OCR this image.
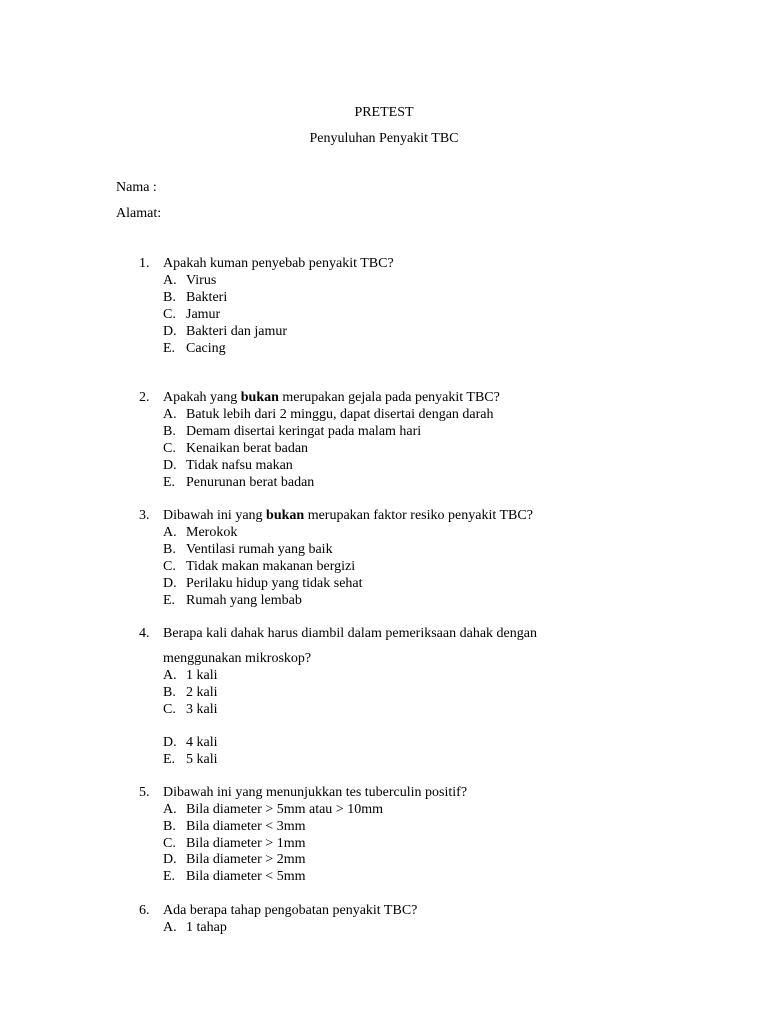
PRETEST
Penyuluhan Penyakit TBC
Nama :
Alamat:
1. Apakah kuman penyebab penyakit TBC?
A. Virus
B. Bakteri
C. Jamur
D. Bakteri dan jamur
E. Cacing
2. Apakah yang bukan merupakan gejala pada penyakit TBC?
A. Batuk lebih dari 2 minggu, dapat disertai dengan darah
B. Demam disertai keringat pada malam hari
C. Kenaikan berat badan
D. Tidak nafsu makan
E. Penurunan berat badan
3. Dibawah ini yang bukan merupakan faktor resiko penyakit TBC?
A. Merokok
B. Ventilasi rumah yang baik
C. Tidak makan makanan bergizi
D. Perilaku hidup yang tidak sehat
E. Rumah yang lembab
4. Berapa kali dahak harus diambil dalam pemeriksaan dahak dengan
menggunakan mikroskop?
A. 1 kali
B. 2 kali
C. 3 kali
D. 4 kali
E. 5 kali
5. Dibawah ini yang menunjukkan tes tuberculin positif?
A. Bila diameter > 5mm atau > 10mm
B. Bila diameter < 3mm
C. Bila diameter > 1mm
D. Bila diameter > 2mm
E. Bila diameter < 5mm
6. Ada berapa tahap pengobatan penyakit TBC?
A. 1 tahap
